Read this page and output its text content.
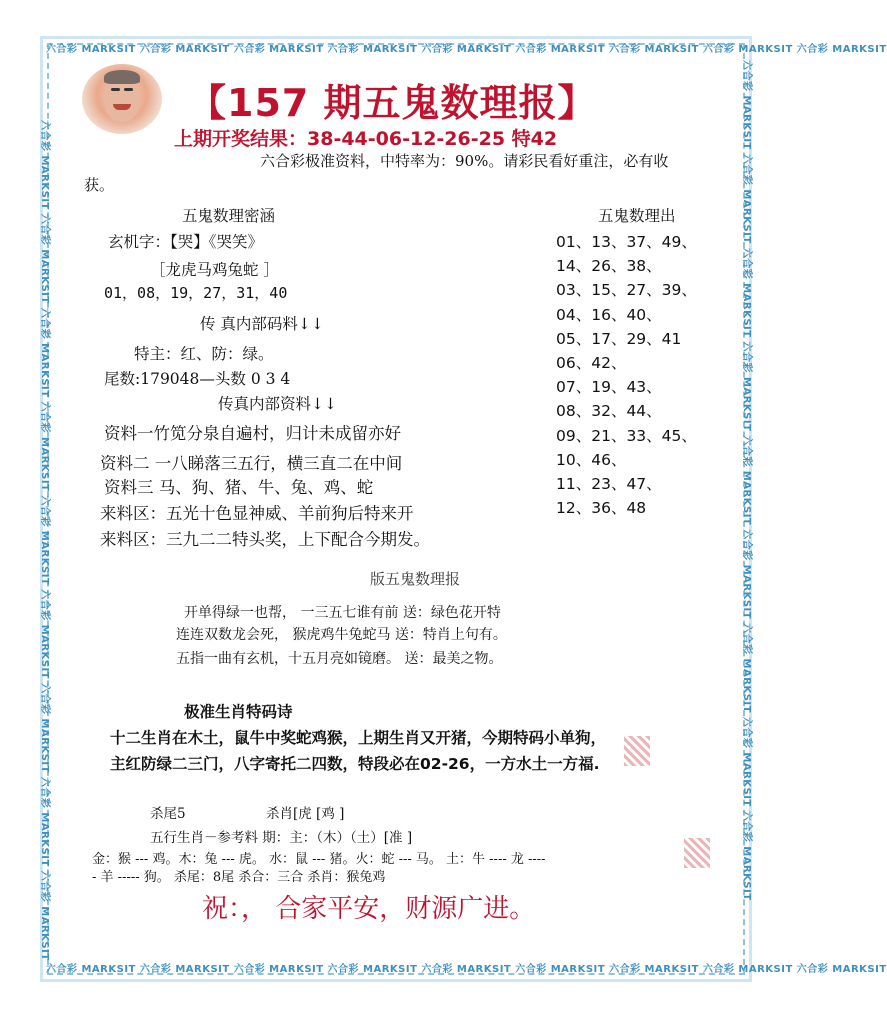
六合彩 MARKSIT 六合彩 MARKSIT 六合彩 MARKSIT 六合彩 MARKSIT 六合彩 MARKSIT 六合彩 MARKSIT 六合彩 MARKSIT 六合彩 MARKSIT 六合彩 MARKSIT
六合彩 MARKSIT 六合彩 MARKSIT 六合彩 MARKSIT 六合彩 MARKSIT 六合彩 MARKSIT 六合彩 MARKSIT 六合彩 MARKSIT 六合彩 MARKSIT 六合彩 MARKSIT
六合彩 MARKSIT 六合彩 MARKSIT 六合彩 MARKSIT 六合彩 MARKSIT 六合彩 MARKSIT 六合彩 MARKSIT 六合彩 MARKSIT 六合彩 MARKSIT 六合彩 MARKSIT	六合彩 MARKSIT 六合彩 MARKSIT 六合彩 MARKSIT 六合彩 MARKSIT 六合彩 MARKSIT 六合彩 MARKSIT 六合彩 MARKSIT 六合彩 MARKSIT 六合彩 MARKSIT
【157 期五鬼数理报】
上期开奖结果：38-44-06-12-26-25 特42
六合彩极准资料，中特率为：90%。请彩民看好重注，必有收
获。
五鬼数理密涵
玄机字：【哭】《哭笑》
［龙虎马鸡兔蛇 ］
01，08，19，27，31，40
传 真内部码料↓↓
特主：红、防：绿。
尾数:179048—头数 0 3 4
传真内部资料↓↓
资料一竹笕分泉自遍村，归计未成留亦好
资料二 一八睇落三五行，横三直二在中间
资料三 马、狗、猪、牛、兔、鸡、蛇
来料区：五光十色显神威、羊前狗后特来开
来料区：三九二二特头奖，上下配合今期发。
五鬼数理出
01、13、37、49、
14、26、38、
03、15、27、39、
04、16、40、
05、17、29、41
06、42、
07、19、43、
08、32、44、
09、21、33、45、
10、46、
11、23、47、
12、36、48
版五鬼数理报
开单得绿一也帮， 一三五七谁有前 送：绿色花开特
连连双数龙会死， 猴虎鸡牛兔蛇马 送：特肖上句有。
五指一曲有玄机，十五月亮如镜磨。 送：最美之物。
极准生肖特码诗
十二生肖在木土，鼠牛中奖蛇鸡猴，上期生肖又开猪，今期特码小单狗，
主红防绿二三门，八字寄托二四数，特段必在02-26，一方水土一方福.
杀尾5	杀肖[虎 [鸡 ]
五行生肖－参考料 期：主：（木）（土）[准 ]
金：猴 --- 鸡。木：兔 --- 虎。 水：鼠 --- 猪。火：蛇 --- 马。 土：牛 ---- 龙 ----
- 羊 ----- 狗。 杀尾：8尾 杀合：三合 杀肖：猴兔鸡
祝：， 合家平安，财源广进。
